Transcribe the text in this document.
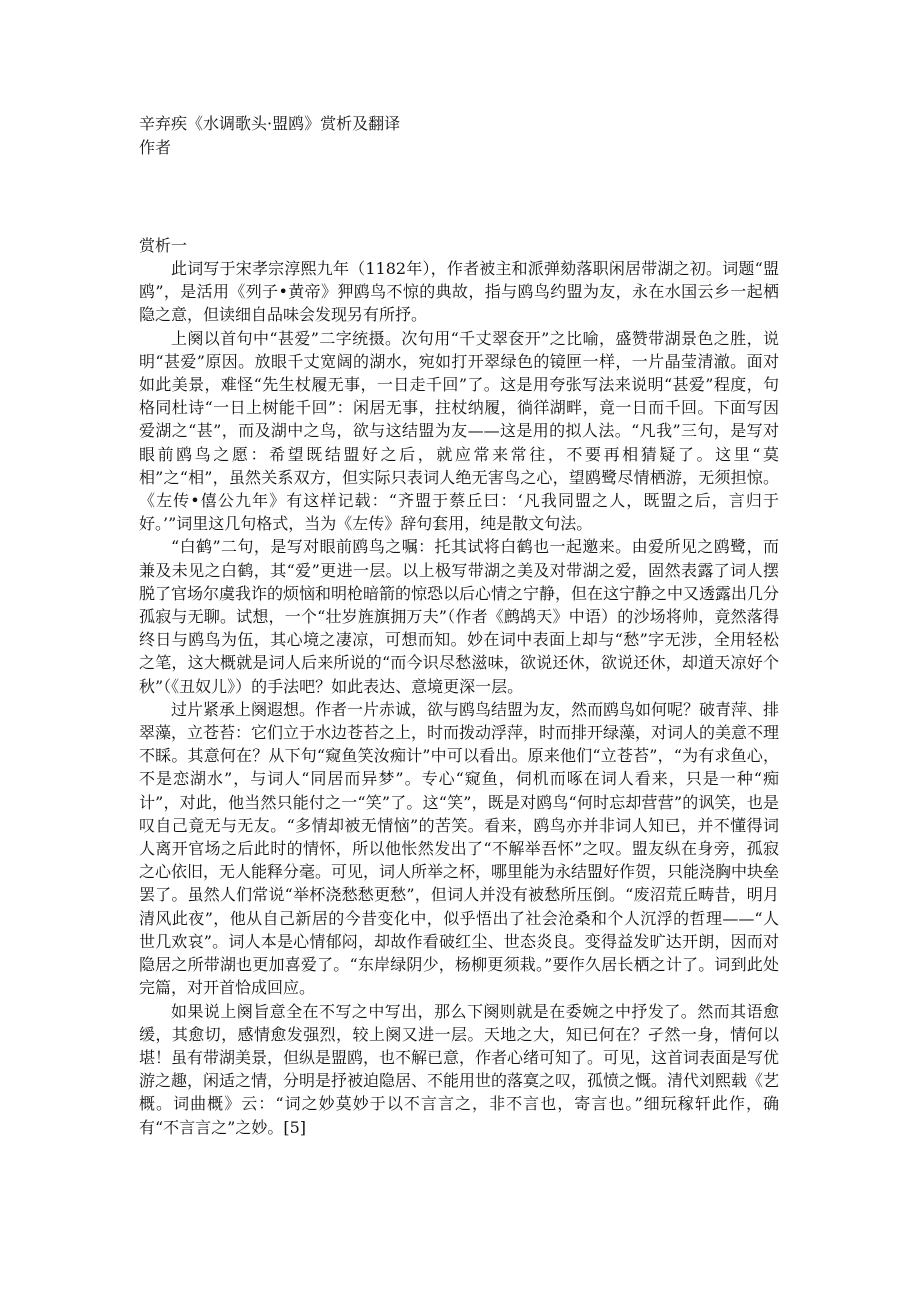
辛弃疾《水调歌头·盟鸥》赏析及翻译
作者
赏析一

此词写于宋孝宗淳熙九年（1182年），作者被主和派弹劾落职闲居带湖之初。词题“盟鸥”，是活用《列子•黄帝》狎鸥鸟不惊的典故，指与鸥鸟约盟为友，永在水国云乡一起栖隐之意，但读细自品味会发现另有所抒。

上阕以首句中“甚爱”二字统摄。次句用“千丈翠奁开”之比喻，盛赞带湖景色之胜，说明“甚爱”原因。放眼千丈宽阔的湖水，宛如打开翠绿色的镜匣一样，一片晶莹清澈。面对如此美景，难怪“先生杖履无事，一日走千回”了。这是用夸张写法来说明“甚爱”程度，句格同杜诗“一日上树能千回”：闲居无事，拄杖纳履，徜徉湖畔，竟一日而千回。下面写因爱湖之“甚”，而及湖中之鸟，欲与这结盟为友——这是用的拟人法。“凡我”三句，是写对眼前鸥鸟之愿：希望既结盟好之后，就应常来常往，不要再相猜疑了。这里“莫相”之“相”，虽然关系双方，但实际只表词人绝无害鸟之心，望鸥鹭尽情栖游，无须担惊。《左传•僖公九年》有这样记载：“齐盟于蔡丘曰：‘凡我同盟之人，既盟之后，言归于好。’”词里这几句格式，当为《左传》辞句套用，纯是散文句法。

“白鹤”二句，是写对眼前鸥鸟之嘱：托其试将白鹤也一起邀来。由爱所见之鸥鹭，而兼及未见之白鹤，其“爱”更进一层。以上极写带湖之美及对带湖之爱，固然表露了词人摆脱了官场尔虞我诈的烦恼和明枪暗箭的惊恐以后心情之宁静，但在这宁静之中又透露出几分孤寂与无聊。试想，一个“壮岁旌旗拥万夫”（作者《鹧鸪天》中语）的沙场将帅，竟然落得终日与鸥鸟为伍，其心境之凄凉，可想而知。妙在词中表面上却与“愁”字无涉，全用轻松之笔，这大概就是词人后来所说的“而今识尽愁滋味，欲说还休，欲说还休，却道天凉好个秋”（《丑奴儿》）的手法吧？如此表达、意境更深一层。

过片紧承上阕遐想。作者一片赤诚，欲与鸥鸟结盟为友，然而鸥鸟如何呢？破青萍、排翠藻，立苍苔：它们立于水边苍苔之上，时而拨动浮萍，时而排开绿藻，对词人的美意不理不睬。其意何在？从下句“窥鱼笑汝痴计”中可以看出。原来他们“立苍苔”，“为有求鱼心，不是恋湖水”，与词人“同居而异梦”。专心“窥鱼，伺机而啄在词人看来，只是一种“痴计”，对此，他当然只能付之一“笑”了。这“笑”，既是对鸥鸟“何时忘却营营”的讽笑，也是叹自己竟无与无友。“多情却被无情恼”的苦笑。看来，鸥鸟亦并非词人知已，并不懂得词人离开官场之后此时的情怀，所以他怅然发出了“不解举吾怀”之叹。盟友纵在身旁，孤寂之心依旧，无人能释分毫。可见，词人所举之杯，哪里能为永结盟好作贺，只能浇胸中块垒罢了。虽然人们常说“举杯浇愁愁更愁”，但词人并没有被愁所压倒。“废沼荒丘畴昔，明月清风此夜”，他从自己新居的今昔变化中，似乎悟出了社会沧桑和个人沉浮的哲理——“人世几欢哀”。词人本是心情郁闷，却故作看破红尘、世态炎良。变得益发旷达开朗，因而对隐居之所带湖也更加喜爱了。“东岸绿阴少，杨柳更须栽。”要作久居长栖之计了。词到此处完篇，对开首恰成回应。

如果说上阕旨意全在不写之中写出，那么下阕则就是在委婉之中抒发了。然而其语愈缓，其愈切，感情愈发强烈，较上阕又进一层。天地之大，知已何在？孑然一身，情何以堪！虽有带湖美景，但纵是盟鸥，也不解已意，作者心绪可知了。可见，这首词表面是写优游之趣，闲适之情，分明是抒被迫隐居、不能用世的落寞之叹，孤愤之慨。清代刘熙载《艺概。词曲概》云：“词之妙莫妙于以不言言之，非不言也，寄言也。”细玩稼轩此作，确有“不言言之”之妙。[5]
